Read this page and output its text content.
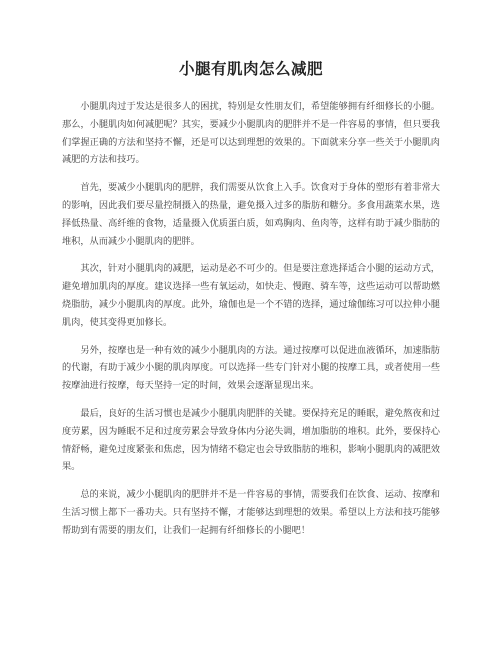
小腿有肌肉怎么减肥

小腿肌肉过于发达是很多人的困扰，特别是女性朋友们，希望能够拥有纤细修长的小腿。那么，小腿肌肉如何减肥呢？其实，要减少小腿肌肉的肥胖并不是一件容易的事情，但只要我们掌握正确的方法和坚持不懈，还是可以达到理想的效果的。下面就来分享一些关于小腿肌肉减肥的方法和技巧。

首先，要减少小腿肌肉的肥胖，我们需要从饮食上入手。饮食对于身体的塑形有着非常大的影响，因此我们要尽量控制摄入的热量，避免摄入过多的脂肪和糖分。多食用蔬菜水果，选择低热量、高纤维的食物，适量摄入优质蛋白质，如鸡胸肉、鱼肉等，这样有助于减少脂肪的堆积，从而减少小腿肌肉的肥胖。

其次，针对小腿肌肉的减肥，运动是必不可少的。但是要注意选择适合小腿的运动方式，避免增加肌肉的厚度。建议选择一些有氧运动，如快走、慢跑、骑车等，这些运动可以帮助燃烧脂肪，减少小腿肌肉的厚度。此外，瑜伽也是一个不错的选择，通过瑜伽练习可以拉伸小腿肌肉，使其变得更加修长。

另外，按摩也是一种有效的减少小腿肌肉的方法。通过按摩可以促进血液循环，加速脂肪的代谢，有助于减少小腿的肌肉厚度。可以选择一些专门针对小腿的按摩工具，或者使用一些按摩油进行按摩，每天坚持一定的时间，效果会逐渐显现出来。

最后，良好的生活习惯也是减少小腿肌肉肥胖的关键。要保持充足的睡眠，避免熬夜和过度劳累，因为睡眠不足和过度劳累会导致身体内分泌失调，增加脂肪的堆积。此外，要保持心情舒畅，避免过度紧张和焦虑，因为情绪不稳定也会导致脂肪的堆积，影响小腿肌肉的减肥效果。

总的来说，减少小腿肌肉的肥胖并不是一件容易的事情，需要我们在饮食、运动、按摩和生活习惯上都下一番功夫。只有坚持不懈，才能够达到理想的效果。希望以上方法和技巧能够帮助到有需要的朋友们，让我们一起拥有纤细修长的小腿吧！
